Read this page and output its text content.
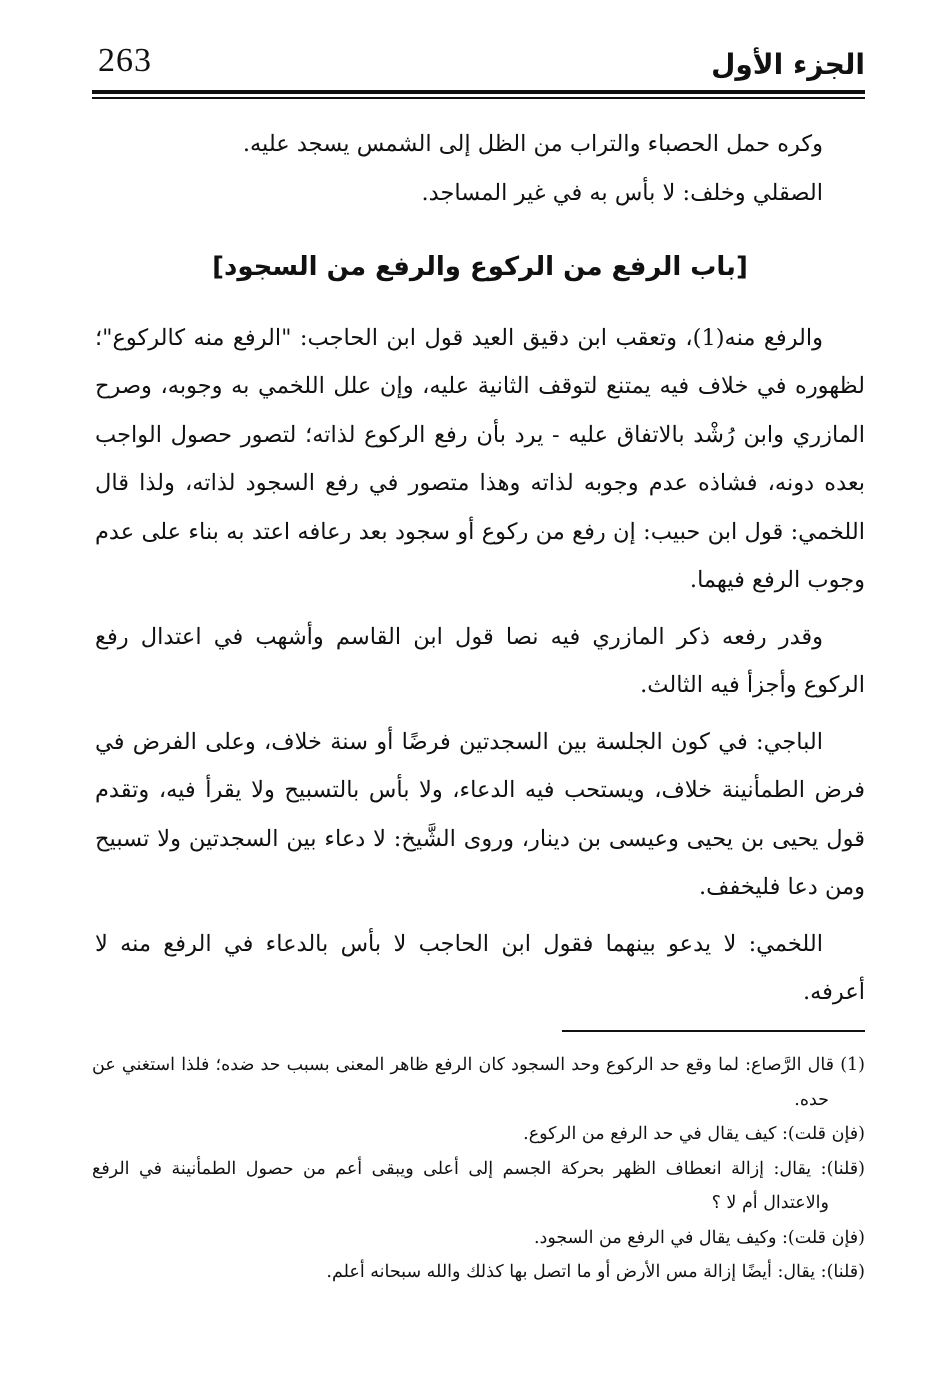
263	الجزء الأول

وكره حمل الحصباء والتراب من الظل إلى الشمس يسجد عليه.

الصقلي وخلف: لا بأس به في غير المساجد.

[باب الرفع من الركوع والرفع من السجود]

والرفع منه(1)، وتعقب ابن دقيق العيد قول ابن الحاجب: "الرفع منه كالركوع"؛ لظهوره في خلاف فيه يمتنع لتوقف الثانية عليه، وإن علل اللخمي به وجوبه، وصرح المازري وابن رُشْد بالاتفاق عليه - يرد بأن رفع الركوع لذاته؛ لتصور حصول الواجب بعده دونه، فشاذه عدم وجوبه لذاته وهذا متصور في رفع السجود لذاته، ولذا قال اللخمي: قول ابن حبيب: إن رفع من ركوع أو سجود بعد رعافه اعتد به بناء على عدم وجوب الرفع فيهما.

وقدر رفعه ذكر المازري فيه نصا قول ابن القاسم وأشهب في اعتدال رفع الركوع وأجزأ فيه الثالث.

الباجي: في كون الجلسة بين السجدتين فرضًا أو سنة خلاف، وعلى الفرض في فرض الطمأنينة خلاف، ويستحب فيه الدعاء، ولا بأس بالتسبيح ولا يقرأ فيه، وتقدم قول يحيى بن يحيى وعيسى بن دينار، وروى الشَّيخ: لا دعاء بين السجدتين ولا تسبيح ومن دعا فليخفف.

اللخمي: لا يدعو بينهما فقول ابن الحاجب لا بأس بالدعاء في الرفع منه لا أعرفه.

(1) قال الرَّصاع: لما وقع حد الركوع وحد السجود كان الرفع ظاهر المعنى بسبب حد ضده؛ فلذا استغني عن حده.

(فإن قلت): كيف يقال في حد الرفع من الركوع.

(قلنا): يقال: إزالة انعطاف الظهر بحركة الجسم إلى أعلى ويبقى أعم من حصول الطمأنينة في الرفع والاعتدال أم لا ؟

(فإن قلت): وكيف يقال في الرفع من السجود.

(قلنا): يقال: أيضًا إزالة مس الأرض أو ما اتصل بها كذلك والله سبحانه أعلم.
